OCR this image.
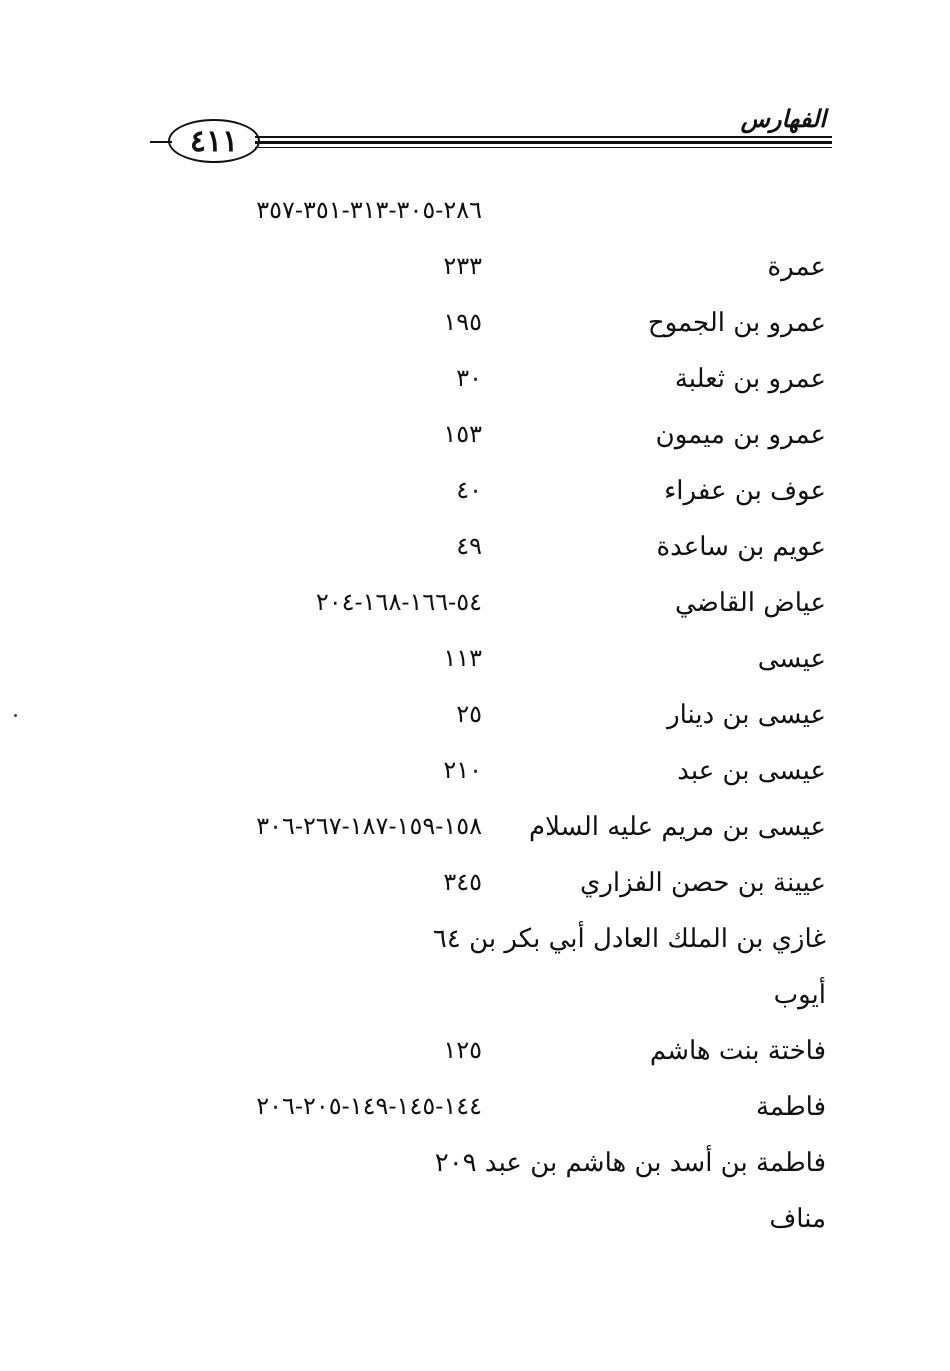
الفهارس
٤١١
٢٨٦-٣٠٥-٣١٣-٣٥١-٣٥٧
عمرة
٢٣٣
عمرو بن الجموح
١٩٥
عمرو بن ثعلبة
٣٠
عمرو بن ميمون
١٥٣
عوف بن عفراء
٤٠
عويم بن ساعدة
٤٩
عياض القاضي
٥٤-١٦٦-١٦٨-٢٠٤
عيسى
١١٣
عيسى بن دينار
٢٥
عيسى بن عبد
٢١٠
عيسى بن مريم عليه السلام
١٥٨-١٥٩-١٨٧-٢٦٧-٣٠٦
عيينة بن حصن الفزاري
٣٤٥
غازي بن الملك العادل أبي بكر بن ٦٤
أيوب
فاختة بنت هاشم
١٢٥
فاطمة
١٤٤-١٤٥-١٤٩-٢٠٥-٢٠٦
فاطمة بن أسد بن هاشم بن عبد ٢٠٩
مناف
